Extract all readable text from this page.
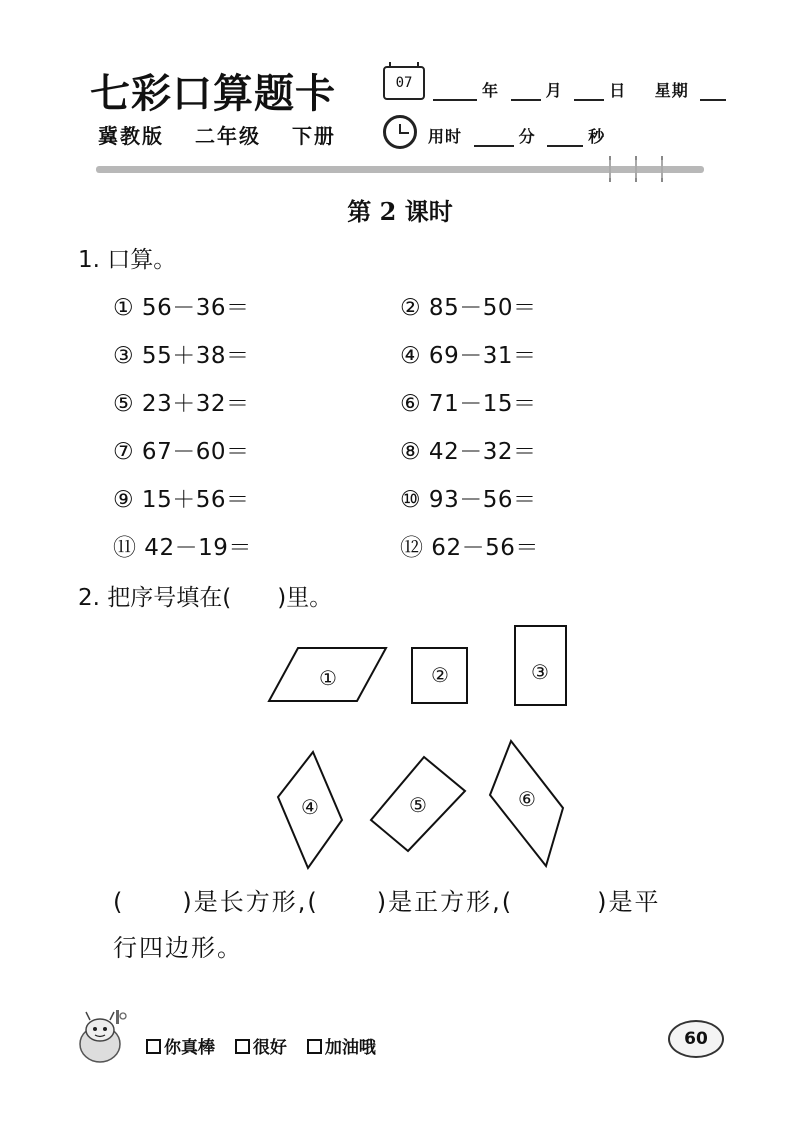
七彩口算题卡
冀教版 二年级 下册
07	年	月	日 星期
用时	分	秒
第 2 课时
1. 口算。
① 56－36＝	② 85－50＝
③ 55＋38＝	④ 69－31＝
⑤ 23＋32＝	⑥ 71－15＝
⑦ 67－60＝	⑧ 42－32＝
⑨ 15＋56＝	⑩ 93－56＝
⑪ 42－19＝	⑫ 62－56＝
2. 把序号填在(　　)里。
①	②	③
④	⑤	⑥
( )是长方形,( )是正方形,(	)是平
行四边形。
你真棒 很好 加油哦	60
